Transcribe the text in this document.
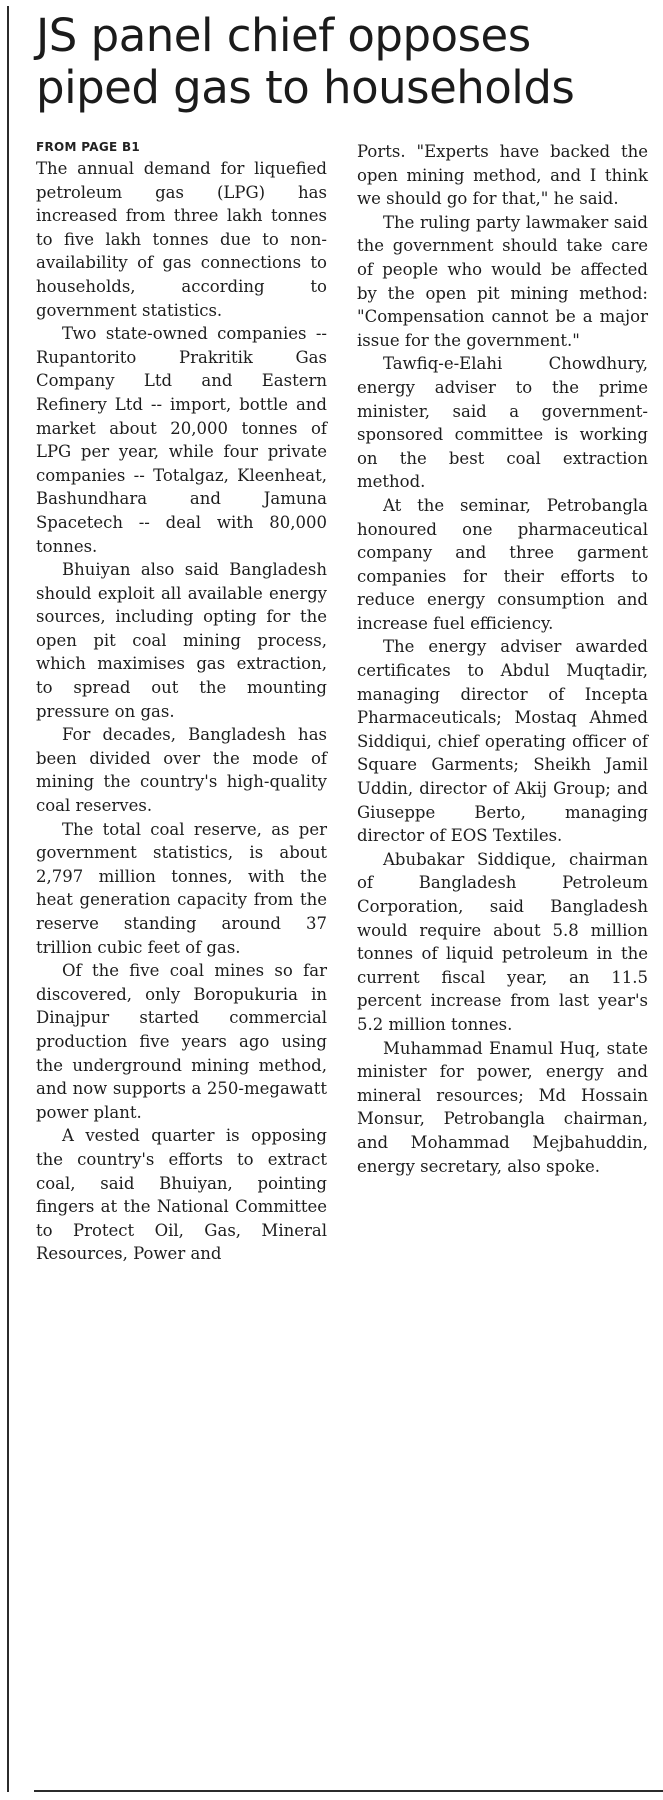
JS panel chief opposes
piped gas to households
FROM PAGE B1

The annual demand for liquefied petroleum gas (LPG) has increased from three lakh tonnes to five lakh tonnes due to non-availability of gas connections to households, according to government statistics.

Two state-owned companies -- Rupantorito Prakritik Gas Company Ltd and Eastern Refinery Ltd -- import, bottle and market about 20,000 tonnes of LPG per year, while four private companies -- Totalgaz, Kleenheat, Bashundhara and Jamuna Spacetech -- deal with 80,000 tonnes.

Bhuiyan also said Bangladesh should exploit all available energy sources, including opting for the open pit coal mining process, which maximises gas extraction, to spread out the mounting pressure on gas.

For decades, Bangladesh has been divided over the mode of mining the country's high-quality coal reserves.

The total coal reserve, as per government statistics, is about 2,797 million tonnes, with the heat generation capacity from the reserve standing around 37 trillion cubic feet of gas.

Of the five coal mines so far discovered, only Boropukuria in Dinajpur started commercial production five years ago using the underground mining method, and now supports a 250-megawatt power plant.

A vested quarter is opposing the country's efforts to extract coal, said Bhuiyan, pointing fingers at the National Committee to Protect Oil, Gas, Mineral Resources, Power and

Ports. "Experts have backed the open mining method, and I think we should go for that," he said.

The ruling party lawmaker said the government should take care of people who would be affected by the open pit mining method: "Compensation cannot be a major issue for the government."

Tawfiq-e-Elahi Chowdhury, energy adviser to the prime minister, said a government-sponsored committee is working on the best coal extraction method.

At the seminar, Petrobangla honoured one pharmaceutical company and three garment companies for their efforts to reduce energy consumption and increase fuel efficiency.

The energy adviser awarded certificates to Abdul Muqtadir, managing director of Incepta Pharmaceuticals; Mostaq Ahmed Siddiqui, chief operating officer of Square Garments; Sheikh Jamil Uddin, director of Akij Group; and Giuseppe Berto, managing director of EOS Textiles.

Abubakar Siddique, chairman of Bangladesh Petroleum Corporation, said Bangladesh would require about 5.8 million tonnes of liquid petroleum in the current fiscal year, an 11.5 percent increase from last year's 5.2 million tonnes.

Muhammad Enamul Huq, state minister for power, energy and mineral resources; Md Hossain Monsur, Petrobangla chairman, and Mohammad Mejbahuddin, energy secretary, also spoke.
